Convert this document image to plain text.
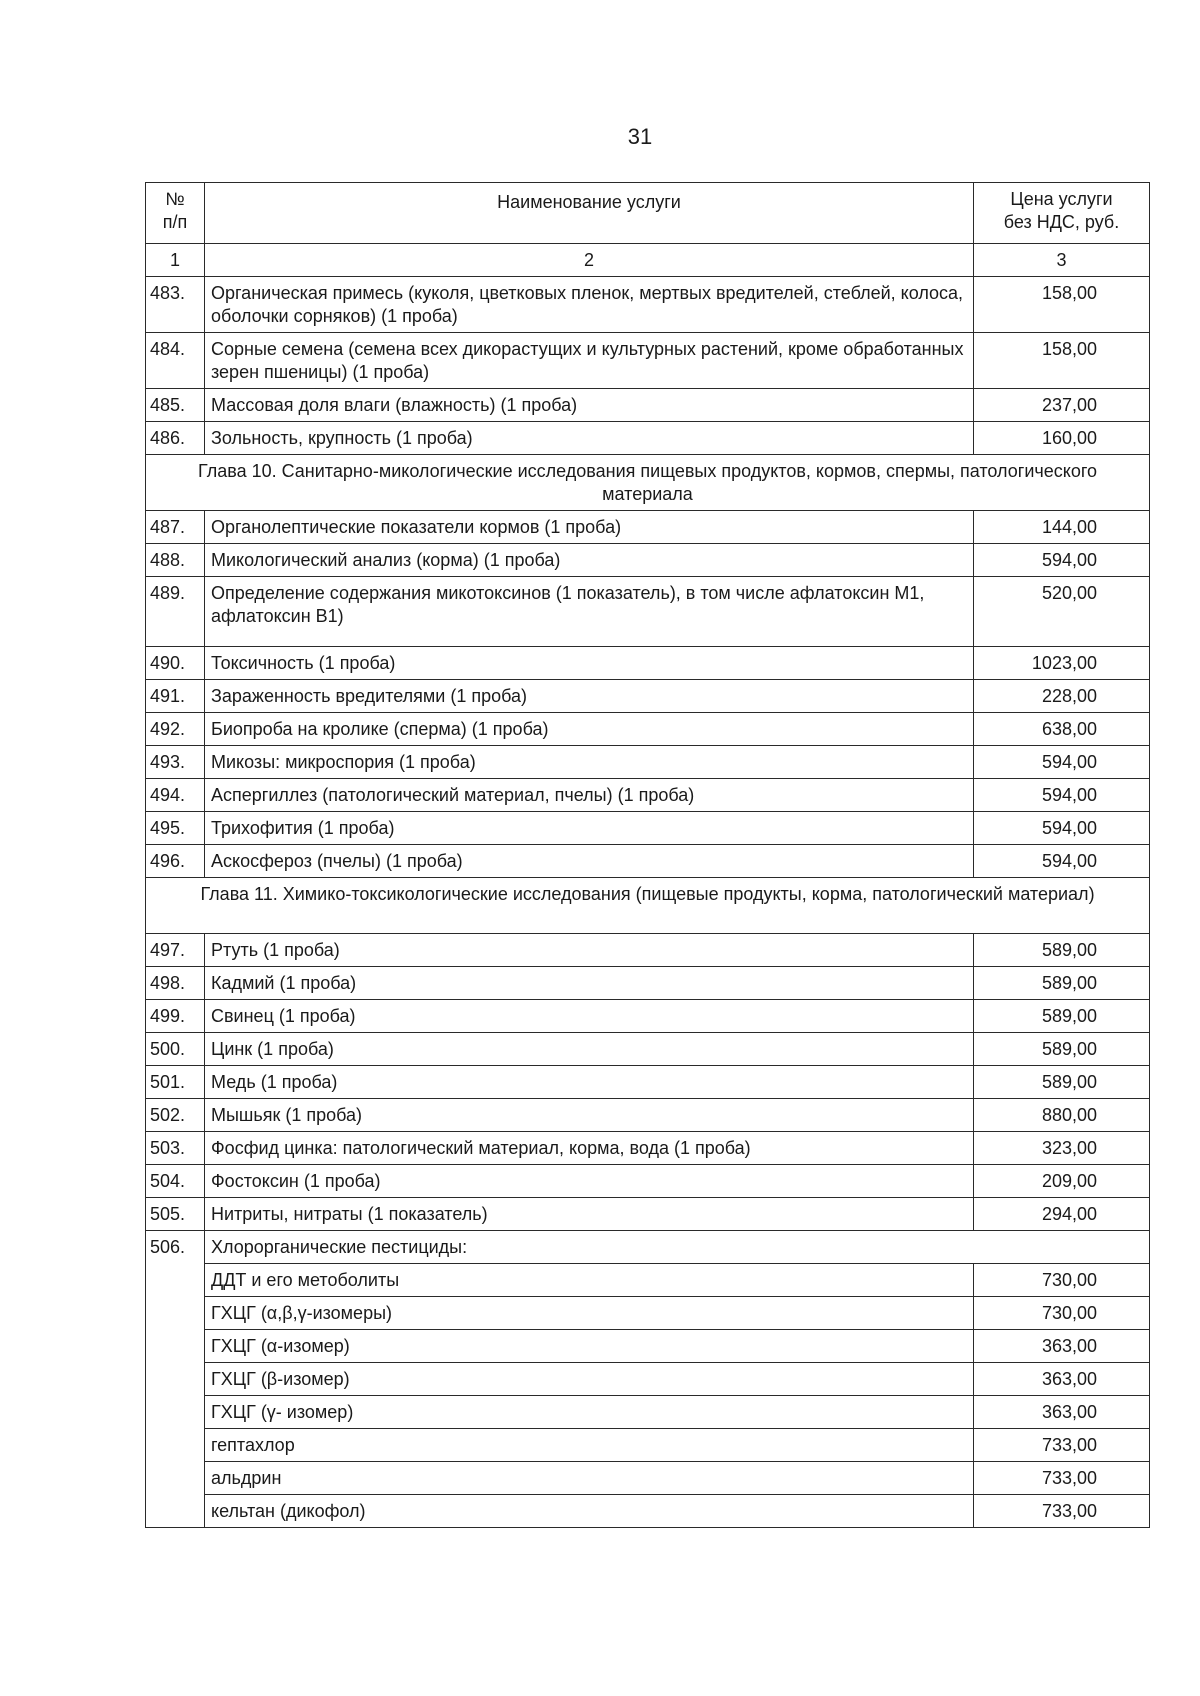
31
№
п/п	Наименование услуги	Цена услуги
без НДС, руб.
1	2	3
483.	Органическая примесь (куколя, цветковых пленок, мертвых вредителей, стеблей, колоса, оболочки сорняков) (1 проба)	158,00
484.	Сорные семена (семена всех дикорастущих и культурных растений, кроме обработанных зерен пшеницы) (1 проба)	158,00
485.	Массовая доля влаги (влажность) (1 проба)	237,00
486.	Зольность, крупность (1 проба)	160,00
Глава 10. Санитарно-микологические исследования пищевых продуктов, кормов, спермы, патологического материала		
487.	Органолептические показатели кормов (1 проба)	144,00
488.	Микологический анализ (корма) (1 проба)	594,00
489.	Определение содержания микотоксинов (1 показатель), в том числе афлатоксин М1, афлатоксин В1)	520,00
490.	Токсичность (1 проба)	1023,00
491.	Зараженность вредителями (1 проба)	228,00
492.	Биопроба на кролике (сперма) (1 проба)	638,00
493.	Микозы: микроспория (1 проба)	594,00
494.	Аспергиллез (патологический материал, пчелы) (1 проба)	594,00
495.	Трихофития (1 проба)	594,00
496.	Аскосфероз (пчелы) (1 проба)	594,00
Глава 11. Химико-токсикологические исследования (пищевые продукты, корма, патологический материал)		
497.	Ртуть (1 проба)	589,00
498.	Кадмий (1 проба)	589,00
499.	Свинец (1 проба)	589,00
500.	Цинк (1 проба)	589,00
501.	Медь (1 проба)	589,00
502.	Мышьяк (1 проба)	880,00
503.	Фосфид цинка: патологический материал, корма, вода (1 проба)	323,00
504.	Фостоксин (1 проба)	209,00
505.	Нитриты, нитраты (1 показатель)	294,00
506.	Хлорорганические пестициды:	
	ДДТ и его метоболиты	730,00
	ГХЦГ (α,β,γ-изомеры)	730,00
	ГХЦГ (α-изомер)	363,00
	ГХЦГ (β-изомер)	363,00
	ГХЦГ (γ- изомер)	363,00
	гептахлор	733,00
	альдрин	733,00
	кельтан (дикофол)	733,00
